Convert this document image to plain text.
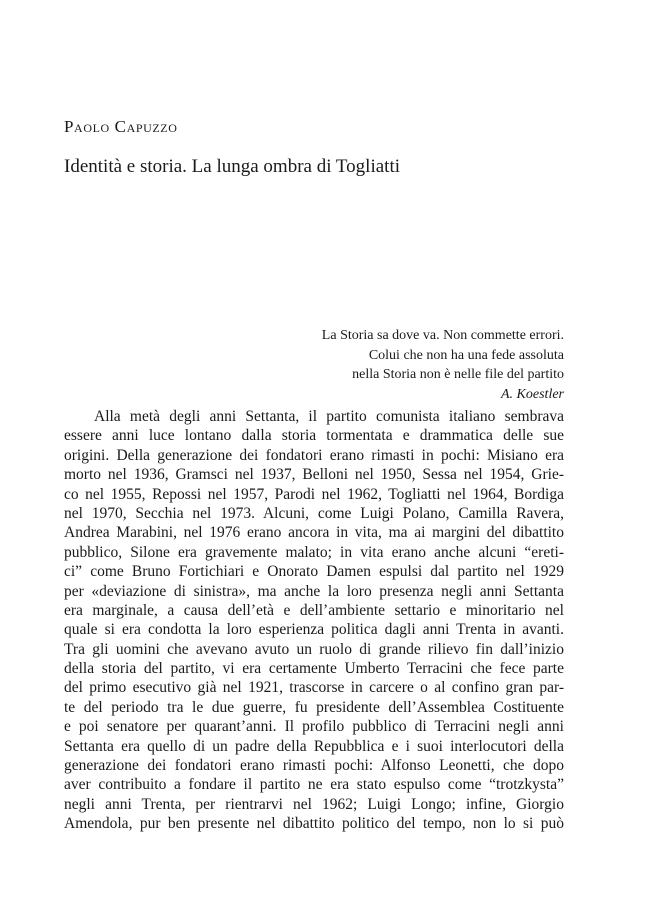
Paolo Capuzzo
Identità e storia. La lunga ombra di Togliatti
La Storia sa dove va. Non commette errori.
Colui che non ha una fede assoluta
nella Storia non è nelle file del partito
A. Koestler
Alla metà degli anni Settanta, il partito comunista italiano sembrava
essere anni luce lontano dalla storia tormentata e drammatica delle sue
origini. Della generazione dei fondatori erano rimasti in pochi: Misiano era
morto nel 1936, Gramsci nel 1937, Belloni nel 1950, Sessa nel 1954, Grie-
co nel 1955, Repossi nel 1957, Parodi nel 1962, Togliatti nel 1964, Bordiga
nel 1970, Secchia nel 1973. Alcuni, come Luigi Polano, Camilla Ravera,
Andrea Marabini, nel 1976 erano ancora in vita, ma ai margini del dibattito
pubblico, Silone era gravemente malato; in vita erano anche alcuni “ereti-
ci” come Bruno Fortichiari e Onorato Damen espulsi dal partito nel 1929
per «deviazione di sinistra», ma anche la loro presenza negli anni Settanta
era marginale, a causa dell’età e dell’ambiente settario e minoritario nel
quale si era condotta la loro esperienza politica dagli anni Trenta in avanti.
Tra gli uomini che avevano avuto un ruolo di grande rilievo fin dall’inizio
della storia del partito, vi era certamente Umberto Terracini che fece parte
del primo esecutivo già nel 1921, trascorse in carcere o al confino gran par-
te del periodo tra le due guerre, fu presidente dell’Assemblea Costituente
e poi senatore per quarant’anni. Il profilo pubblico di Terracini negli anni
Settanta era quello di un padre della Repubblica e i suoi interlocutori della
generazione dei fondatori erano rimasti pochi: Alfonso Leonetti, che dopo
aver contribuito a fondare il partito ne era stato espulso come “trotzkysta”
negli anni Trenta, per rientrarvi nel 1962; Luigi Longo; infine, Giorgio
Amendola, pur ben presente nel dibattito politico del tempo, non lo si può
